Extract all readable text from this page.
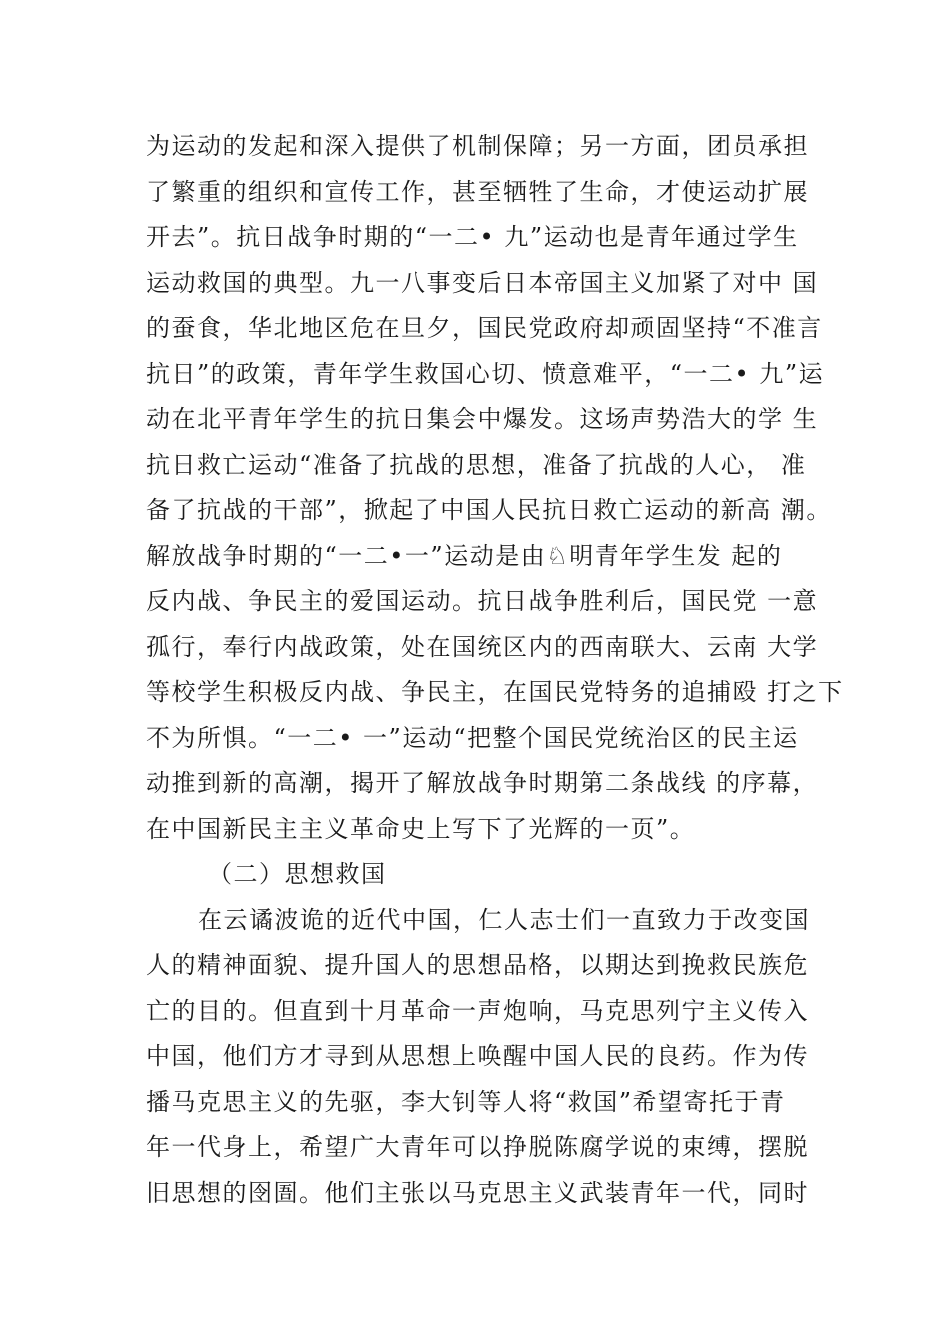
为运动的发起和深入提供了机制保障；另一方面，团员承担
了繁重的组织和宣传工作，甚至牺牲了生命，才使运动扩展
开去”。抗日战争时期的“一二• 九”运动也是青年通过学生
运动救国的典型。九一八事变后日本帝国主义加紧了对中 国
的蚕食，华北地区危在旦夕，国民党政府却顽固坚持“不准言
抗日”的政策，青年学生救国心切、愤意难平，“一二• 九”运
动在北平青年学生的抗日集会中爆发。这场声势浩大的学 生
抗日救亡运动“准备了抗战的思想，准备了抗战的人心， 准
备了抗战的干部”，掀起了中国人民抗日救亡运动的新高 潮。
解放战争时期的“一二•一”运动是由♘明青年学生发 起的
反内战、争民主的爱国运动。抗日战争胜利后，国民党 一意
孤行，奉行内战政策，处在国统区内的西南联大、云南 大学
等校学生积极反内战、争民主，在国民党特务的追捕殴 打之下
不为所惧。“一二• 一”运动“把整个国民党统治区的民主运
动推到新的高潮，揭开了解放战争时期第二条战线 的序幕，
在中国新民主主义革命史上写下了光辉的一页”。
（二）思想救国
在云谲波诡的近代中国，仁人志士们一直致力于改变国
人的精神面貌、提升国人的思想品格，以期达到挽救民族危
亡的目的。但直到十月革命一声炮响，马克思列宁主义传入
中国，他们方才寻到从思想上唤醒中国人民的良药。作为传
播马克思主义的先驱，李大钊等人将“救国”希望寄托于青
年一代身上，希望广大青年可以挣脱陈腐学说的束缚，摆脱
旧思想的囹圄。他们主张以马克思主义武装青年一代，同时
